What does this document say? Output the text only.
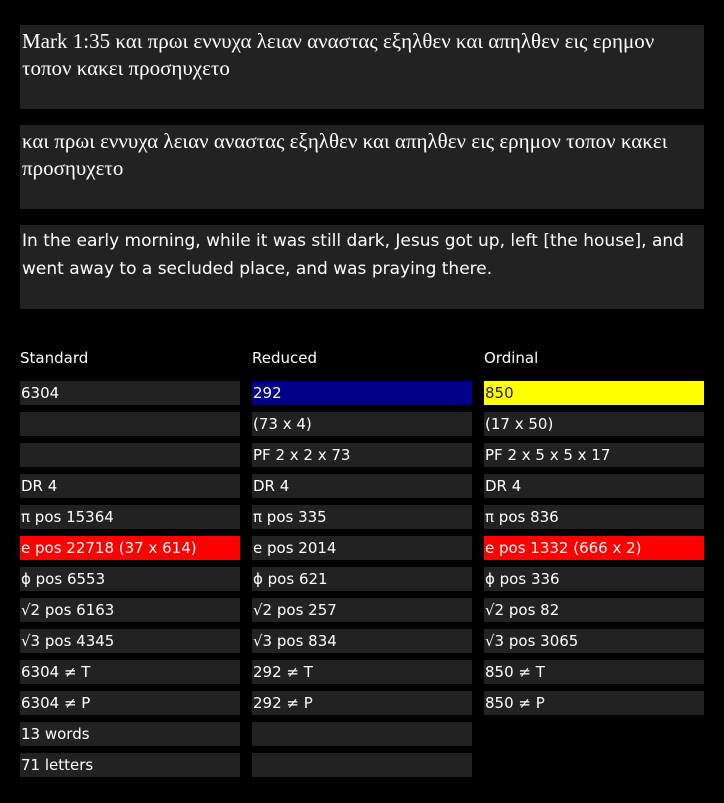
Mark 1:35 και πρωι εννυχα λειαν αναστας εξηλθεν και απηλθεν εις ερημον τοπον κακει προσηυχετο
και πρωι εννυχα λειαν αναστας εξηλθεν και απηλθεν εις ερημον τοπον κακει προσηυχετο
In the early morning, while it was still dark, Jesus got up, left [the house], and went away to a secluded place, and was praying there.
Standard	Reduced	Ordinal
6304
DR 4
π pos 15364
e pos 22718 (37 x 614)
ϕ pos 6553
√2 pos 6163
√3 pos 4345
6304 ≠ T
6304 ≠ P
13 words
71 letters
292
(73 x 4)
PF 2 x 2 x 73
DR 4
π pos 335
e pos 2014
ϕ pos 621
√2 pos 257
√3 pos 834
292 ≠ T
292 ≠ P
850
(17 x 50)
PF 2 x 5 x 5 x 17
DR 4
π pos 836
e pos 1332 (666 x 2)
ϕ pos 336
√2 pos 82
√3 pos 3065
850 ≠ T
850 ≠ P
